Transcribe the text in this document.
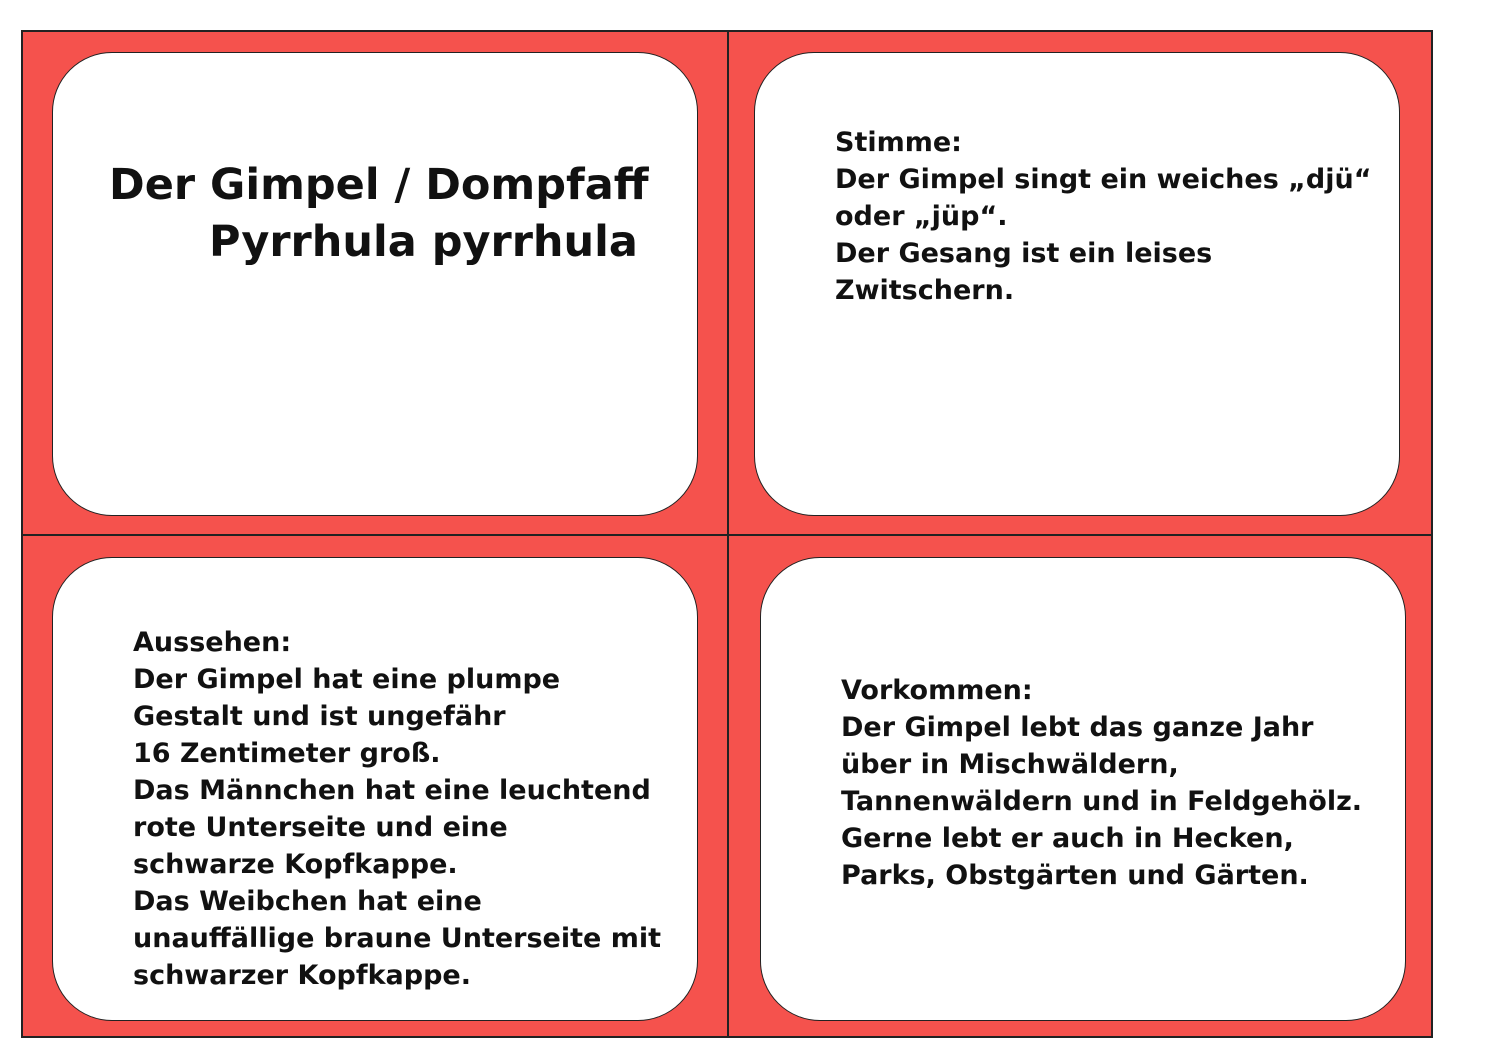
Der Gimpel / Dompfaff
Pyrrhula pyrrhula
Stimme:
Der Gimpel singt ein weiches „djü“
oder „jüp“.
Der Gesang ist ein leises
Zwitschern.
Aussehen:
Der Gimpel hat eine plumpe
Gestalt und ist ungefähr
16 Zentimeter groß.
Das Männchen hat eine leuchtend
rote Unterseite und eine
schwarze Kopfkappe.
Das Weibchen hat eine
unauffällige braune Unterseite mit
schwarzer Kopfkappe.
Vorkommen:
Der Gimpel lebt das ganze Jahr
über in Mischwäldern,
Tannenwäldern und in Feldgehölz.
Gerne lebt er auch in Hecken,
Parks, Obstgärten und Gärten.
